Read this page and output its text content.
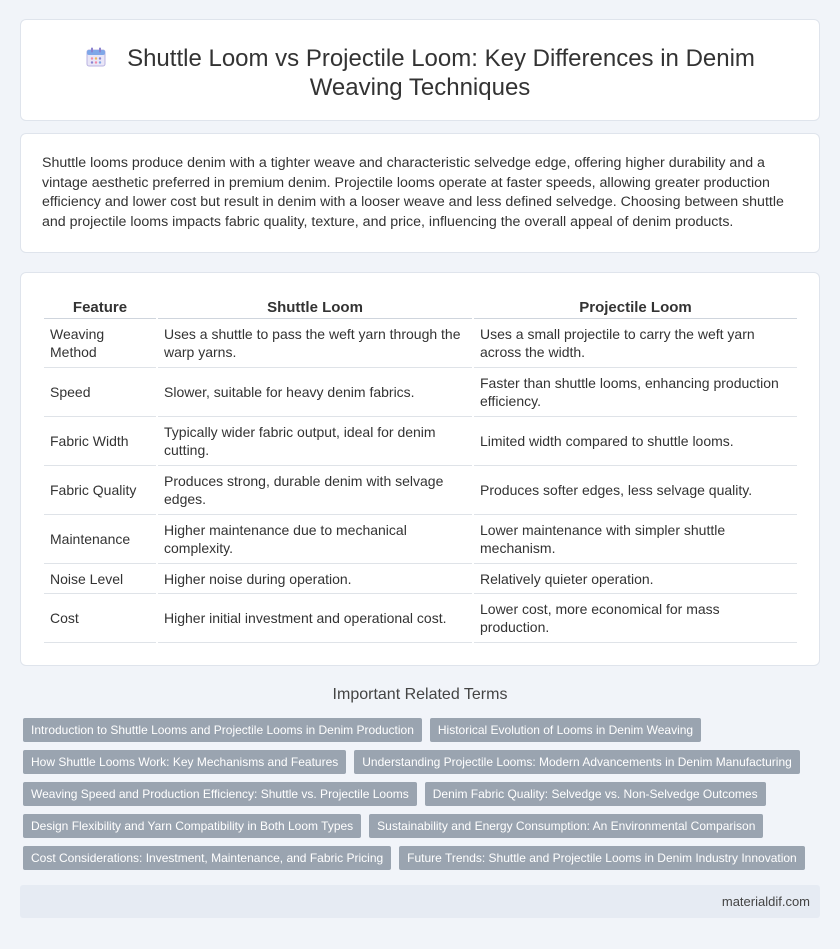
Shuttle Loom vs Projectile Loom: Key Differences in Denim Weaving Techniques

Shuttle looms produce denim with a tighter weave and characteristic selvedge edge, offering higher durability and a vintage aesthetic preferred in premium denim. Projectile looms operate at faster speeds, allowing greater production efficiency and lower cost but result in denim with a looser weave and less defined selvedge. Choosing between shuttle and projectile looms impacts fabric quality, texture, and price, influencing the overall appeal of denim products.

Feature	Shuttle Loom	Projectile Loom
Weaving Method	Uses a shuttle to pass the weft yarn through the warp yarns.	Uses a small projectile to carry the weft yarn across the width.
Speed	Slower, suitable for heavy denim fabrics.	Faster than shuttle looms, enhancing production efficiency.
Fabric Width	Typically wider fabric output, ideal for denim cutting.	Limited width compared to shuttle looms.
Fabric Quality	Produces strong, durable denim with selvage edges.	Produces softer edges, less selvage quality.
Maintenance	Higher maintenance due to mechanical complexity.	Lower maintenance with simpler shuttle mechanism.
Noise Level	Higher noise during operation.	Relatively quieter operation.
Cost	Higher initial investment and operational cost.	Lower cost, more economical for mass production.
Important Related Terms
Introduction to Shuttle Looms and Projectile Looms in Denim Production	Historical Evolution of Looms in Denim Weaving
How Shuttle Looms Work: Key Mechanisms and Features	Understanding Projectile Looms: Modern Advancements in Denim Manufacturing
Weaving Speed and Production Efficiency: Shuttle vs. Projectile Looms	Denim Fabric Quality: Selvedge vs. Non-Selvedge Outcomes
Design Flexibility and Yarn Compatibility in Both Loom Types	Sustainability and Energy Consumption: An Environmental Comparison
Cost Considerations: Investment, Maintenance, and Fabric Pricing	Future Trends: Shuttle and Projectile Looms in Denim Industry Innovation
materialdif.com
